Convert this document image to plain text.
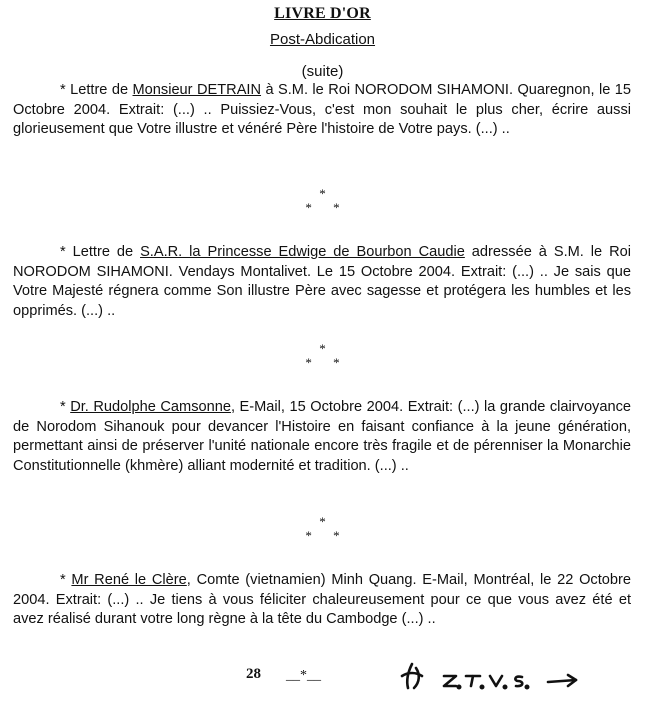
LIVRE D'OR
Post-Abdication
(suite)

* Lettre de Monsieur DETRAIN à S.M. le Roi NORODOM SIHAMONI. Quaregnon, le 15 Octobre 2004. Extrait: (...) .. Puissiez-Vous, c'est mon souhait le plus cher, écrire aussi glorieusement que Votre illustre et vénéré Père l'histoire de Votre pays. (...) ..

*
* *

* Lettre de S.A.R. la Princesse Edwige de Bourbon Caudie adressée à S.M. le Roi NORODOM SIHAMONI. Vendays Montalivet. Le 15 Octobre 2004. Extrait: (...) .. Je sais que Votre Majesté régnera comme Son illustre Père avec sagesse et protégera les humbles et les opprimés. (...) ..

*
* *

* Dr. Rudolphe Camsonne, E-Mail, 15 Octobre 2004. Extrait: (...) la grande clairvoyance de Norodom Sihanouk pour devancer l'Histoire en faisant confiance à la jeune génération, permettant ainsi de préserver l'unité nationale encore très fragile et de pérenniser la Monarchie Constitutionnelle (khmère) alliant modernité et tradition. (...) ..

*
* *

* Mr René le Clère, Comte (vietnamien) Minh Quang. E-Mail, Montréal, le 22 Octobre 2004. Extrait: (...) .. Je tiens à vous féliciter chaleureusement pour ce que vous avez été et avez réalisé durant votre long règne à la tête du Cambodge (...) ..

28 __*__
